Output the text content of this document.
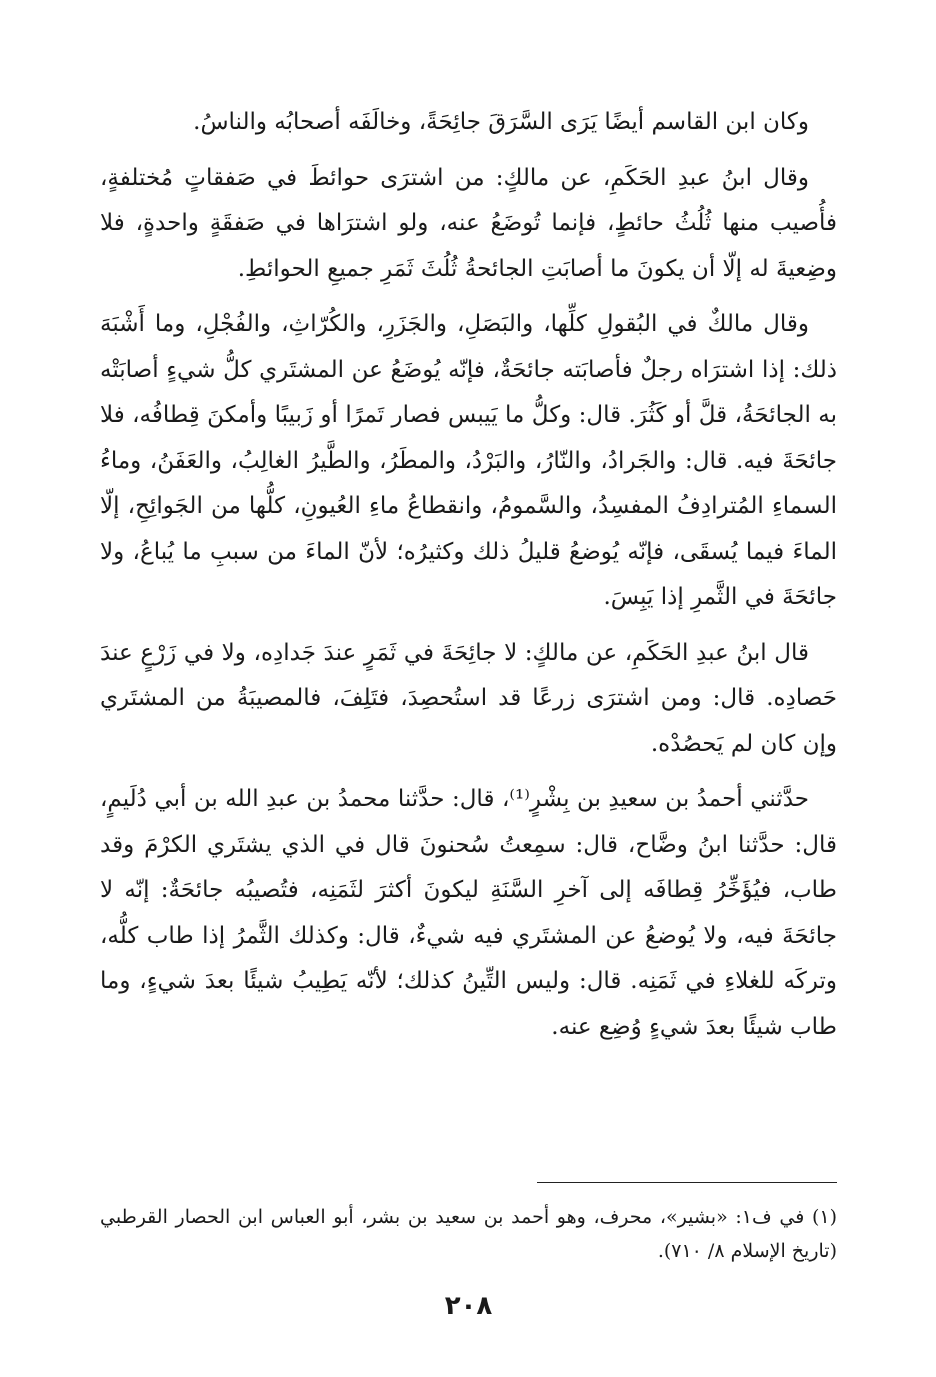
وكان ابن القاسم أيضًا يَرَى السَّرَقَ جائِحَةً، وخالَفَه أصحابُه والناسُ.

وقال ابنُ عبدِ الحَكَمِ، عن مالكٍ: من اشترَى حوائطَ في صَفقاتٍ مُختلفةٍ، فأُصيب منها ثُلُثُ حائطٍ، فإنما تُوضَعُ عنه، ولو اشترَاها في صَفقَةٍ واحدةٍ، فلا وضِعيةَ له إلّا أن يكونَ ما أصابَتِ الجائحةُ ثُلُثَ ثَمَرِ جميعِ الحوائطِ.

وقال مالكٌ في البُقولِ كلِّها، والبَصَلِ، والجَزَرِ، والكُرّاثِ، والفُجْلِ، وما أَشْبَهَ ذلك: إذا اشترَاه رجلٌ فأصابَته جائحَةٌ، فإنّه يُوضَعُ عن المشتَري كلُّ شيءٍ أصابَتْه به الجائحَةُ، قلَّ أو كَثُرَ. قال: وكلُّ ما يَيبس فصار تَمرًا أو زَبيبًا وأمكنَ قِطافُه، فلا جائحَةَ فيه. قال: والجَرادُ، والنّارُ، والبَرْدُ، والمطَرُ، والطَّيرُ الغالِبُ، والعَفَنُ، وماءُ السماءِ المُترادِفُ المفسِدُ، والسَّمومُ، وانقطاعُ ماءِ العُيونِ، كلُّها من الجَوائِحِ، إلّا الماءَ فيما يُسقَى، فإنّه يُوضعُ قليلُ ذلك وكثيرُه؛ لأنّ الماءَ من سببِ ما يُباعُ، ولا جائحَةَ في الثَّمرِ إذا يَبِسَ.

قال ابنُ عبدِ الحَكَمِ، عن مالكٍ: لا جائِحَةَ في ثَمَرٍ عندَ جَدادِه، ولا في زَرْعٍ عندَ حَصادِه. قال: ومن اشترَى زرعًا قد استُحصِدَ، فتَلِفَ، فالمصيبَةُ من المشتَري وإن كان لم يَحصُدْه.

حدَّثني أحمدُ بن سعيدِ بن بِشْرٍ⁽¹⁾، قال: حدَّثنا محمدُ بن عبدِ الله بن أبي دُلَيمٍ، قال: حدَّثنا ابنُ وضَّاح، قال: سمِعتُ سُحنونَ قال في الذي يشتَري الكرْمَ وقد طاب، فيُؤَخِّرُ قِطافَه إلى آخرِ السَّنَةِ ليكونَ أكثرَ لثَمَنِه، فتُصيبُه جائحَةٌ: إنّه لا جائحَةَ فيه، ولا يُوضعُ عن المشتَري فيه شيءٌ، قال: وكذلك الثَّمرُ إذا طاب كلُّه، وتركَه للغلاءِ في ثَمَنِه. قال: وليس التِّينُ كذلك؛ لأنّه يَطِيبُ شيئًا بعدَ شيءٍ، وما طاب شيئًا بعدَ شيءٍ وُضِع عنه.

(١) في ف١: «بشير»، محرف، وهو أحمد بن سعيد بن بشر، أبو العباس ابن الحصار القرطبي (تاريخ الإسلام ٨/ ٧١٠).

٢٠٨
